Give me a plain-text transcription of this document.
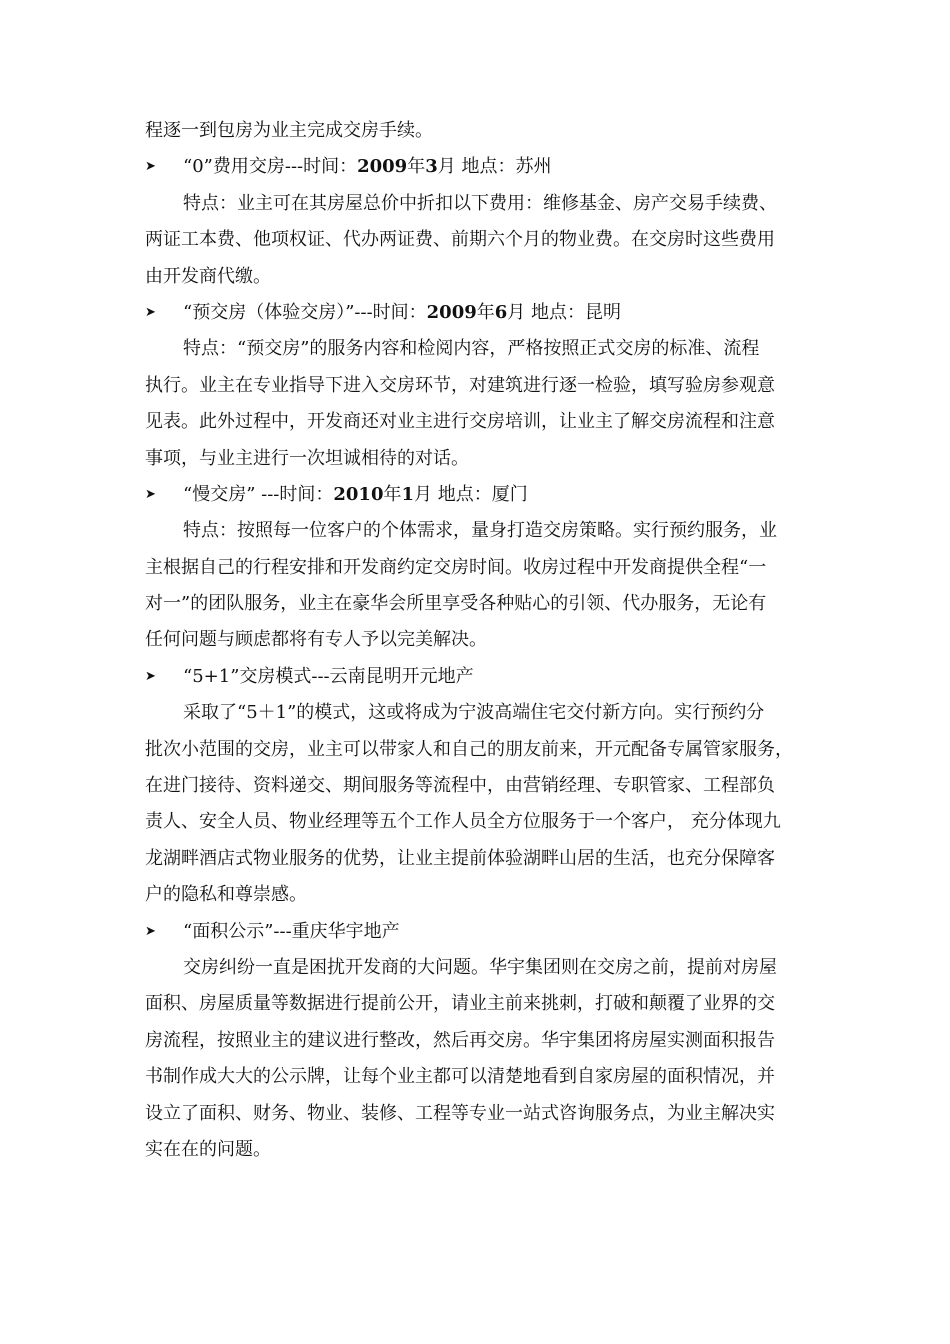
程逐一到包房为业主完成交房手续。
➤	“0”费用交房---时间：2009年3月 地点：苏州
特点：业主可在其房屋总价中折扣以下费用：维修基金、房产交易手续费、
两证工本费、他项权证、代办两证费、前期六个月的物业费。在交房时这些费用
由开发商代缴。
➤	“预交房（体验交房）”---时间：2009年6月 地点：昆明
特点：“预交房”的服务内容和检阅内容，严格按照正式交房的标准、流程
执行。业主在专业指导下进入交房环节，对建筑进行逐一检验，填写验房参观意
见表。此外过程中，开发商还对业主进行交房培训，让业主了解交房流程和注意
事项，与业主进行一次坦诚相待的对话。
➤	“慢交房” ---时间：2010年1月 地点：厦门
特点：按照每一位客户的个体需求，量身打造交房策略。实行预约服务，业
主根据自己的行程安排和开发商约定交房时间。收房过程中开发商提供全程“一
对一”的团队服务，业主在豪华会所里享受各种贴心的引领、代办服务，无论有
任何问题与顾虑都将有专人予以完美解决。
➤	“5+1”交房模式---云南昆明开元地产
采取了“5＋1”的模式，这或将成为宁波高端住宅交付新方向。实行预约分
批次小范围的交房，业主可以带家人和自己的朋友前来，开元配备专属管家服务，
在进门接待、资料递交、期间服务等流程中，由营销经理、专职管家、工程部负
责人、安全人员、物业经理等五个工作人员全方位服务于一个客户， 充分体现九
龙湖畔酒店式物业服务的优势，让业主提前体验湖畔山居的生活，也充分保障客
户的隐私和尊崇感。
➤	“面积公示”---重庆华宇地产
交房纠纷一直是困扰开发商的大问题。华宇集团则在交房之前，提前对房屋
面积、房屋质量等数据进行提前公开，请业主前来挑刺，打破和颠覆了业界的交
房流程，按照业主的建议进行整改，然后再交房。华宇集团将房屋实测面积报告
书制作成大大的公示牌，让每个业主都可以清楚地看到自家房屋的面积情况，并
设立了面积、财务、物业、装修、工程等专业一站式咨询服务点，为业主解决实
实在在的问题。
